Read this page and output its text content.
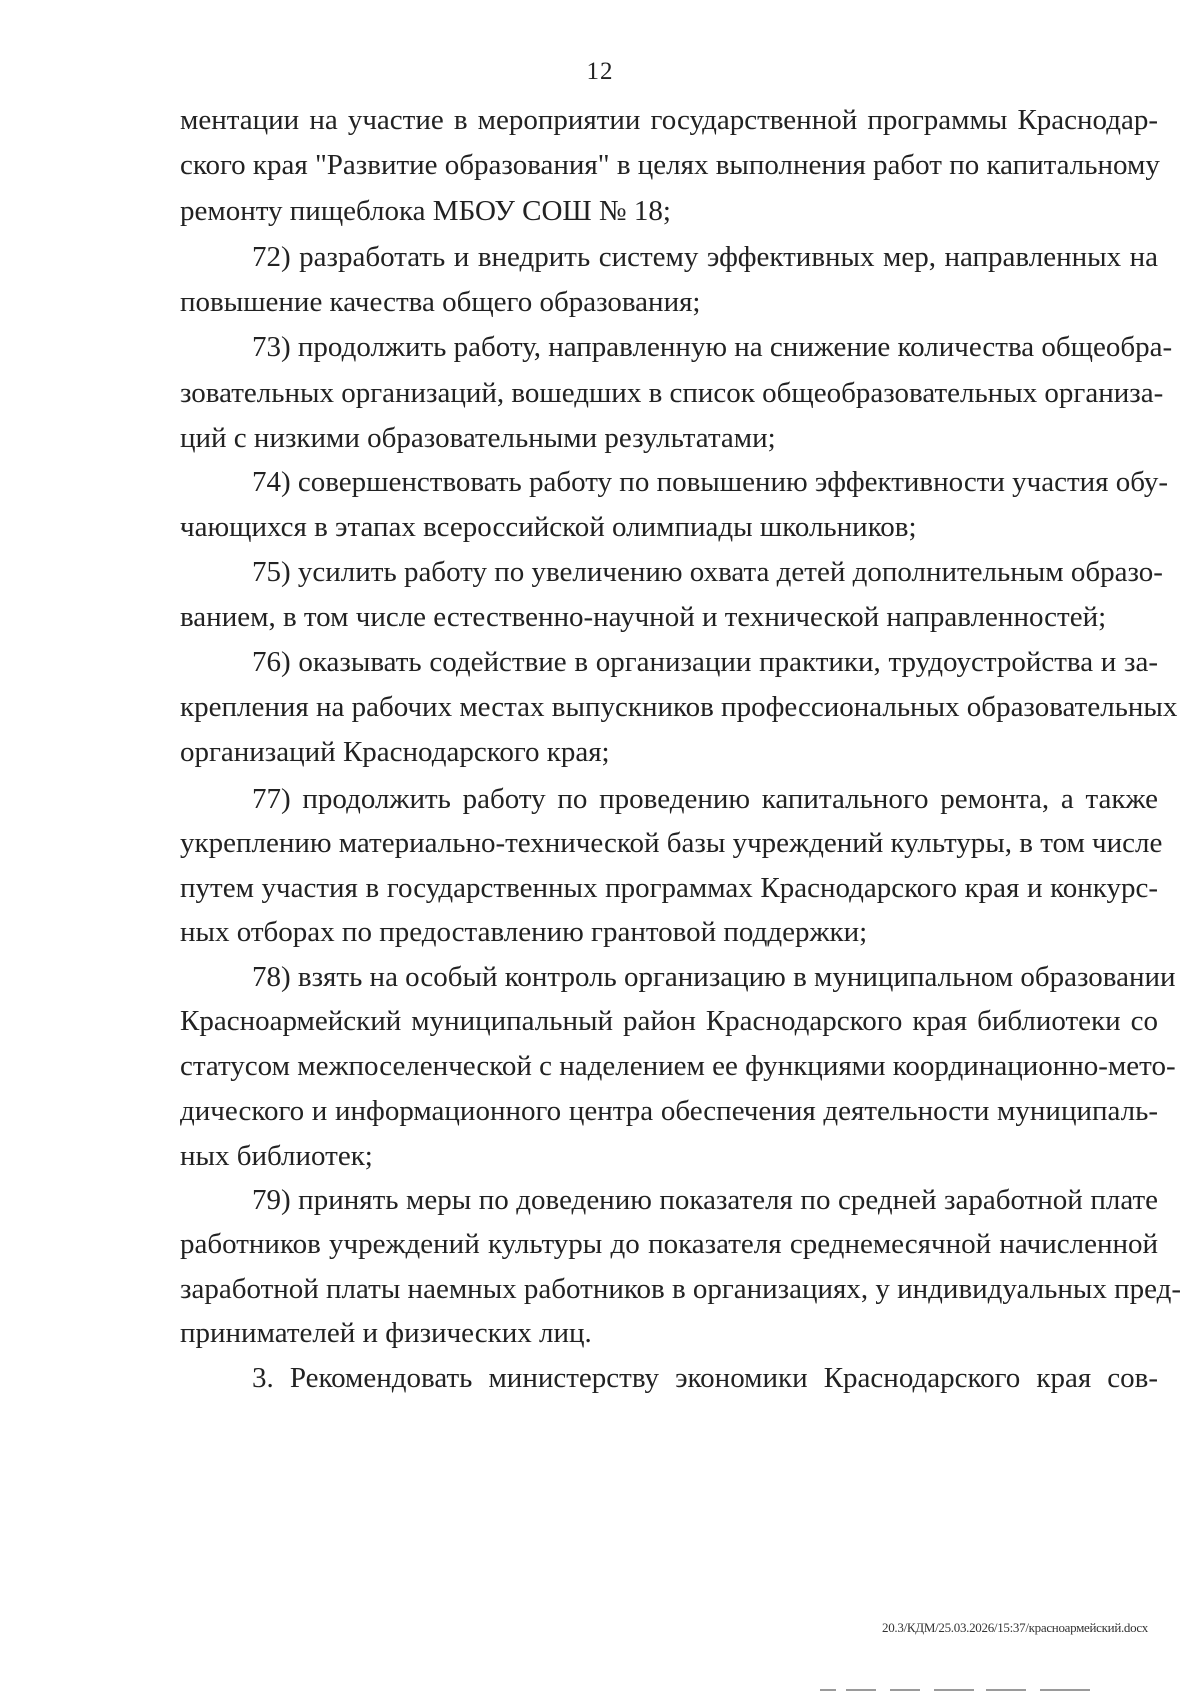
12
ментации на участие в мероприятии государственной программы Краснодар-
ского края "Развитие образования" в целях выполнения работ по капитальному
ремонту пищеблока МБОУ СОШ № 18;
72) разработать и внедрить систему эффективных мер, направленных на
повышение качества общего образования;
73) продолжить работу, направленную на снижение количества общеобра-
зовательных организаций, вошедших в список общеобразовательных организа-
ций с низкими образовательными результатами;
74) совершенствовать работу по повышению эффективности участия обу-
чающихся в этапах всероссийской олимпиады школьников;
75) усилить работу по увеличению охвата детей дополнительным образо-
ванием, в том числе естественно-научной и технической направленностей;
76) оказывать содействие в организации практики, трудоустройства и за-
крепления на рабочих местах выпускников профессиональных образовательных
организаций Краснодарского края;
77) продолжить работу по проведению капитального ремонта, а также
укреплению материально-технической базы учреждений культуры, в том числе
путем участия в государственных программах Краснодарского края и конкурс-
ных отборах по предоставлению грантовой поддержки;
78) взять на особый контроль организацию в муниципальном образовании
Красноармейский муниципальный район Краснодарского края библиотеки со
статусом межпоселенческой с наделением ее функциями координационно-мето-
дического и информационного центра обеспечения деятельности муниципаль-
ных библиотек;
79) принять меры по доведению показателя по средней заработной плате
работников учреждений культуры до показателя среднемесячной начисленной
заработной платы наемных работников в организациях, у индивидуальных пред-
принимателей и физических лиц.
3. Рекомендовать министерству экономики Краснодарского края сов-
20.3/КДМ/25.03.2026/15:37/красноармейский.docx
